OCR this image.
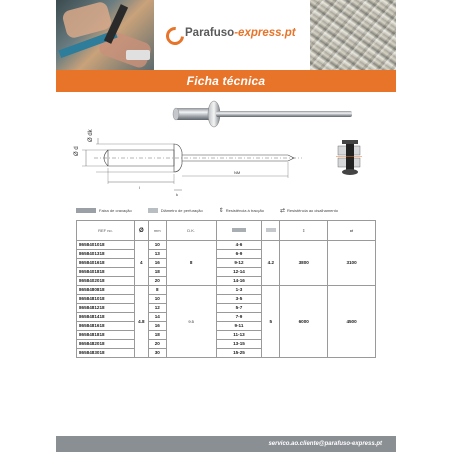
Parafuso-express.pt
Ficha técnica
Ø d
Ø dk
l
k
NM
Faixa de cravação	Diâmetro de perfuração	⇕ Resistência à tracção	⇄ Resistência ao cisalhamento
REF no.	Ø	mm	D.K.			⇕	⇄
8658401018	4	10	8	4-6	4.2	3800	3100
8658401318		13		6-9			
8658401618		16		9-12			
8658401818		18		12-14			
8658402018		20		14-16			
8658480818	4.8	8	9.5	1-3	5	6000	4500
8658481018		10		3-5			
8658481218		12		5-7			
8658481418		14		7-9			
8658481618		16		9-11			
8658481818		18		11-13			
8658482018		20		13-15			
8658483018		30		15-25			
servico.ao.cliente@parafuso-express.pt
